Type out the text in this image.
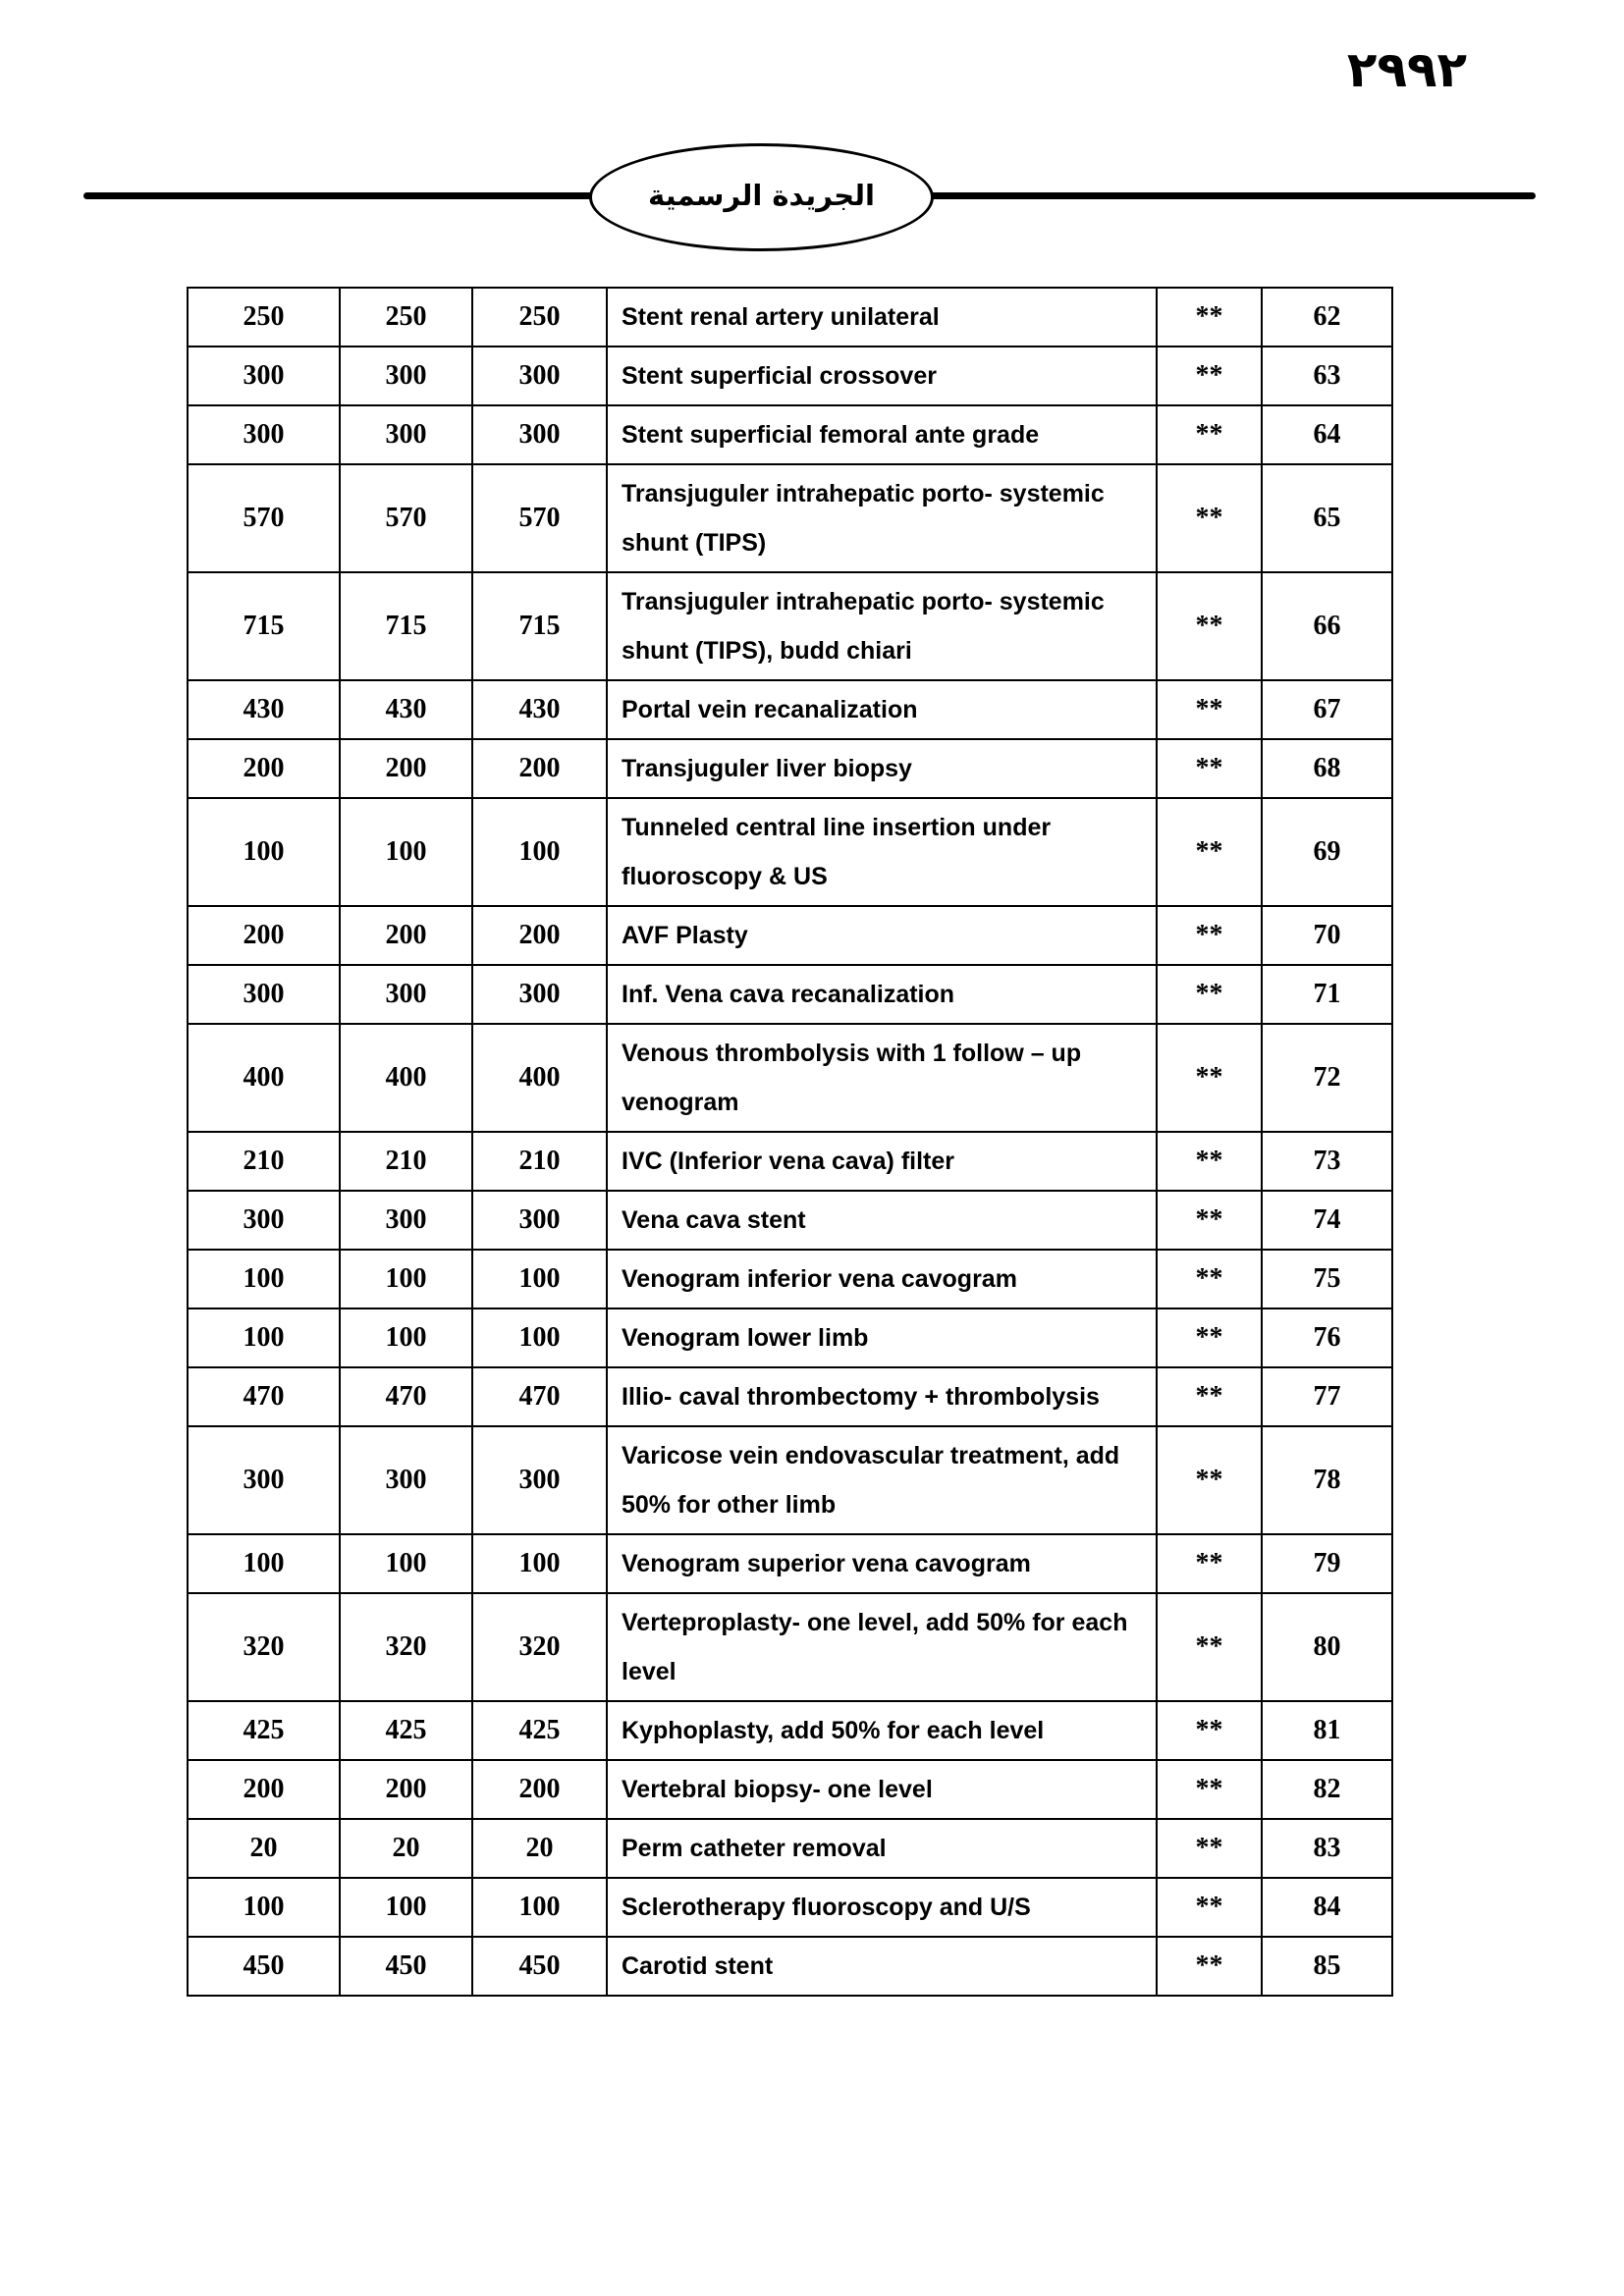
٢٩٩٢
الجريدة الرسمية
250	250	250	Stent renal artery unilateral	**	62
300	300	300	Stent superficial crossover	**	63
300	300	300	Stent superficial femoral ante grade	**	64
570	570	570	Transjuguler intrahepatic porto- systemic shunt (TIPS)	**	65
715	715	715	Transjuguler intrahepatic porto- systemic shunt (TIPS), budd chiari	**	66
430	430	430	Portal vein recanalization	**	67
200	200	200	Transjuguler liver biopsy	**	68
100	100	100	Tunneled central line insertion under fluoroscopy & US	**	69
200	200	200	AVF Plasty	**	70
300	300	300	Inf. Vena cava recanalization	**	71
400	400	400	Venous thrombolysis with 1 follow – up venogram	**	72
210	210	210	IVC (Inferior vena cava) filter	**	73
300	300	300	Vena cava stent	**	74
100	100	100	Venogram inferior vena cavogram	**	75
100	100	100	Venogram lower limb	**	76
470	470	470	Illio- caval thrombectomy + thrombolysis	**	77
300	300	300	Varicose vein endovascular treatment, add 50% for other limb	**	78
100	100	100	Venogram superior vena cavogram	**	79
320	320	320	Verteproplasty- one level, add 50% for each level	**	80
425	425	425	Kyphoplasty, add 50% for each level	**	81
200	200	200	Vertebral biopsy- one level	**	82
20	20	20	Perm catheter removal	**	83
100	100	100	Sclerotherapy fluoroscopy and U/S	**	84
450	450	450	Carotid stent	**	85
